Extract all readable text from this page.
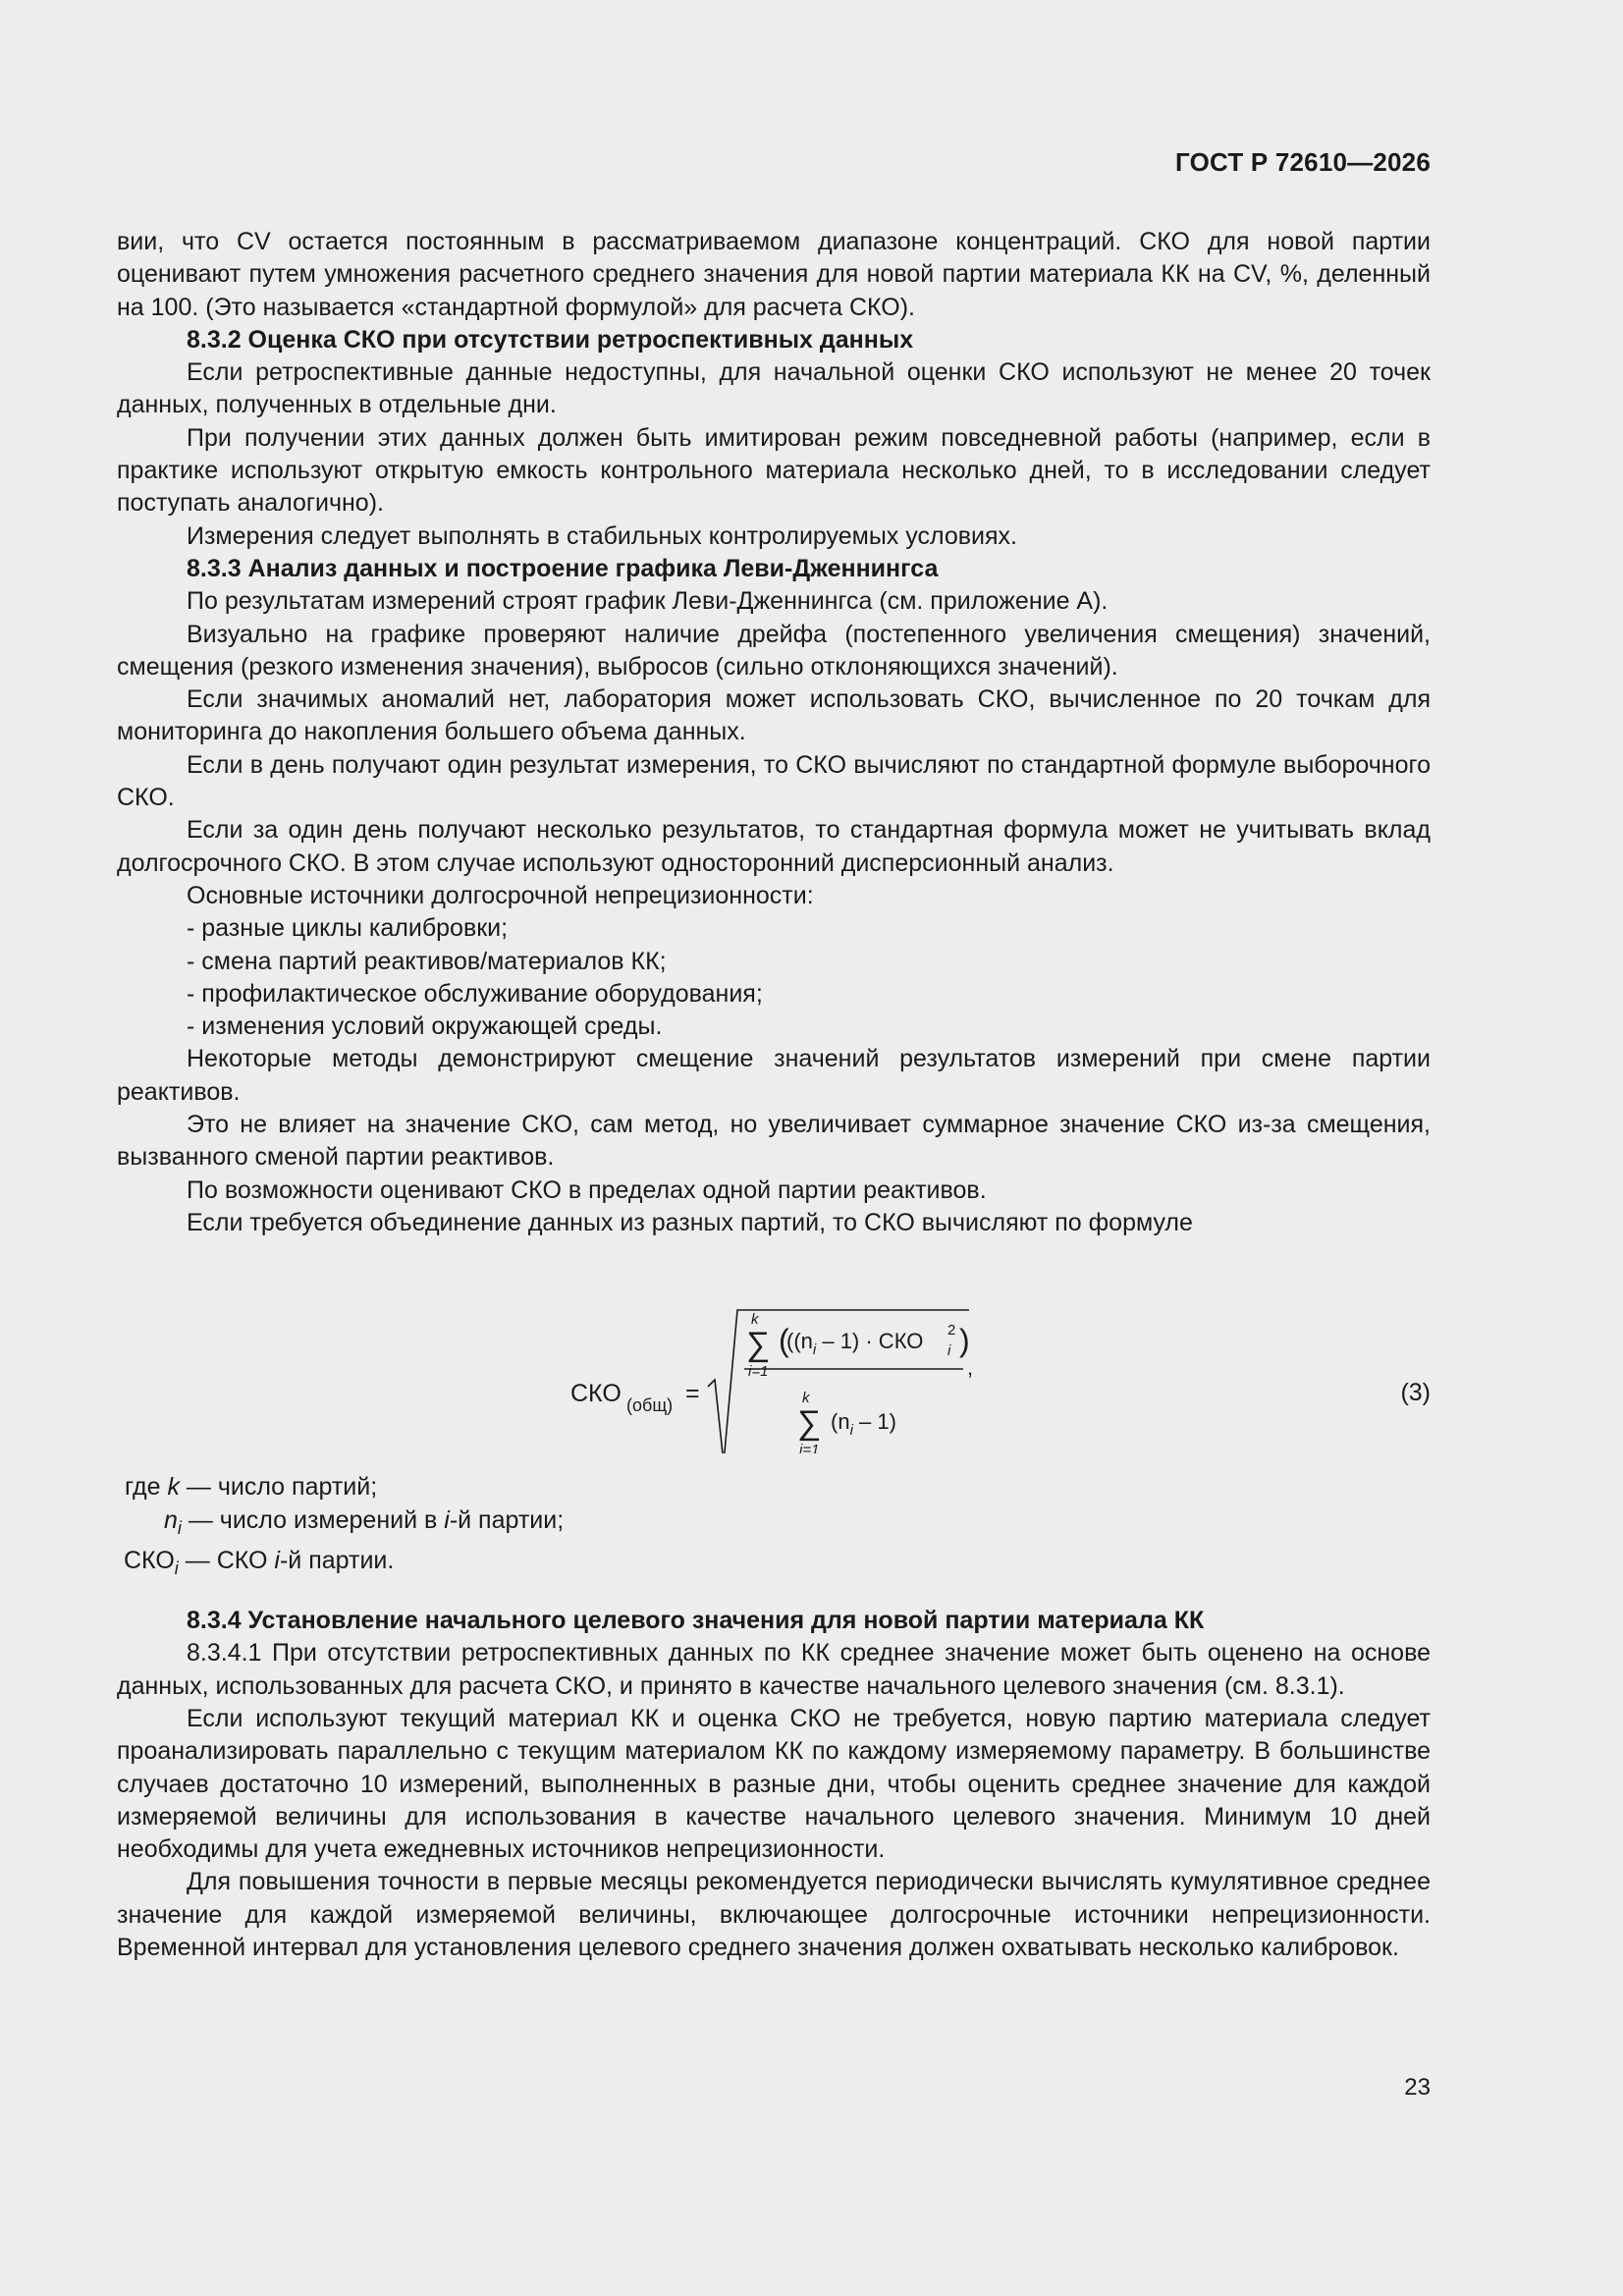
ГОСТ Р 72610—2026

вии, что CV остается постоянным в рассматриваемом диапазоне концентраций. СКО для новой партии оценивают путем умножения расчетного среднего значения для новой партии материала КК на CV, %, деленный на 100. (Это называется «стандартной формулой» для расчета СКО).

8.3.2 Оценка СКО при отсутствии ретроспективных данных

Если ретроспективные данные недоступны, для начальной оценки СКО используют не менее 20 точек данных, полученных в отдельные дни.

При получении этих данных должен быть имитирован режим повседневной работы (например, если в практике используют открытую емкость контрольного материала несколько дней, то в исследовании следует поступать аналогично).

Измерения следует выполнять в стабильных контролируемых условиях.

8.3.3 Анализ данных и построение графика Леви-Дженнингса

По результатам измерений строят график Леви-Дженнингса (см. приложение А).

Визуально на графике проверяют наличие дрейфа (постепенного увеличения смещения) значений, смещения (резкого изменения значения), выбросов (сильно отклоняющихся значений).

Если значимых аномалий нет, лаборатория может использовать СКО, вычисленное по 20 точкам для мониторинга до накопления большего объема данных.

Если в день получают один результат измерения, то СКО вычисляют по стандартной формуле выборочного СКО.

Если за один день получают несколько результатов, то стандартная формула может не учитывать вклад долгосрочного СКО. В этом случае используют односторонний дисперсионный анализ.

Основные источники долгосрочной непрецизионности:

- разные циклы калибровки;

- смена партий реактивов/материалов КК;

- профилактическое обслуживание оборудования;

- изменения условий окружающей среды.

Некоторые методы демонстрируют смещение значений результатов измерений при смене партии реактивов.

Это не влияет на значение СКО, сам метод, но увеличивает суммарное значение СКО из-за смещения, вызванного сменой партии реактивов.

По возможности оценивают СКО в пределах одной партии реактивов.

Если требуется объединение данных из разных партий, то СКО вычисляют по формуле

СКО (общ) =
k
∑
i=1
(
($(n_i - 1)$ · СКО 2
i )
,
k
∑
i=1
$(n_i - 1)$
(3)

где k — число партий;

$n_i$ — число измерений в i-й партии;

$СКО_i$ — СКО i-й партии.

8.3.4 Установление начального целевого значения для новой партии материала КК

8.3.4.1 При отсутствии ретроспективных данных по КК среднее значение может быть оценено на основе данных, использованных для расчета СКО, и принято в качестве начального целевого значения (см. 8.3.1).

Если используют текущий материал КК и оценка СКО не требуется, новую партию материала следует проанализировать параллельно с текущим материалом КК по каждому измеряемому параметру. В большинстве случаев достаточно 10 измерений, выполненных в разные дни, чтобы оценить среднее значение для каждой измеряемой величины для использования в качестве начального целевого значения. Минимум 10 дней необходимы для учета ежедневных источников непрецизионности.

Для повышения точности в первые месяцы рекомендуется периодически вычислять кумулятивное среднее значение для каждой измеряемой величины, включающее долгосрочные источники непрецизионности. Временной интервал для установления целевого среднего значения должен охватывать несколько калибровок.

23
